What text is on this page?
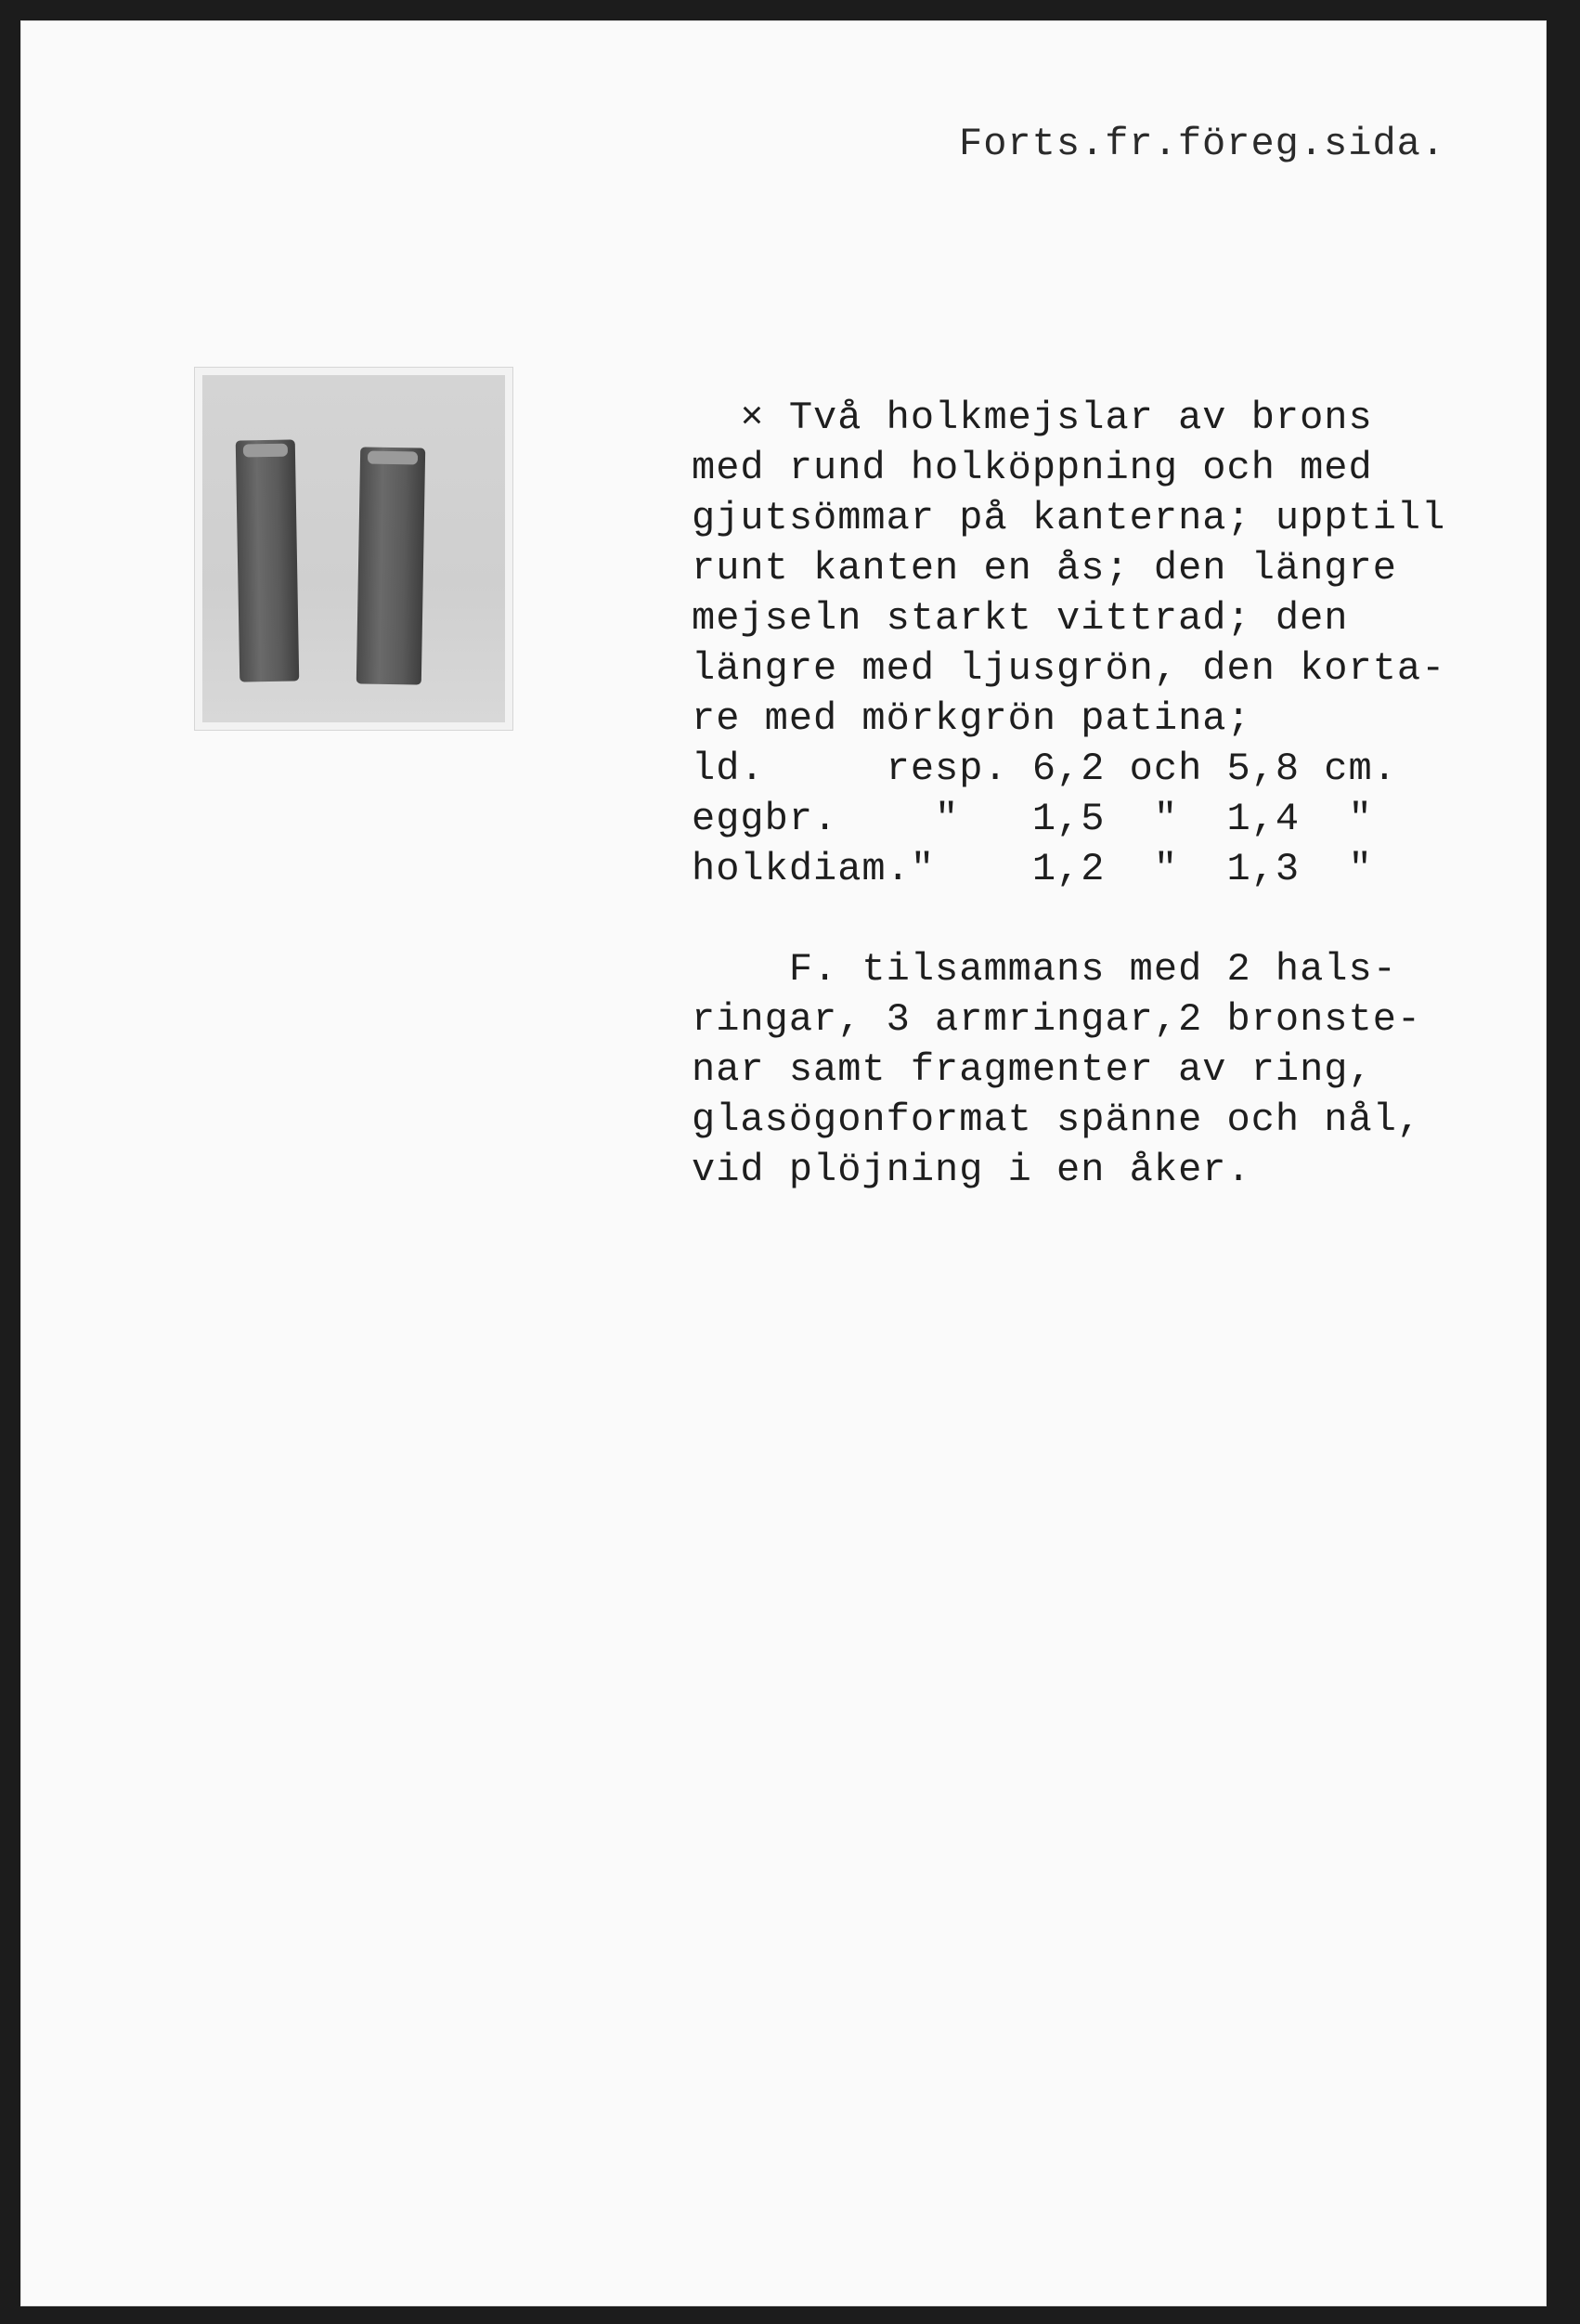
Forts.fr.föreg.sida.
× Två holkmejslar av brons
med rund holköppning och med
gjutsömmar på kanterna; upptill
runt kanten en ås; den längre
mejseln starkt vittrad; den
längre med ljusgrön, den korta-
re med mörkgrön patina;
ld.     resp. 6,2 och 5,8 cm.
eggbr.    "   1,5  "  1,4  "
holkdiam."    1,2  "  1,3  "
F. tilsammans med 2 hals-
ringar, 3 armringar,2 bronste-
nar samt fragmenter av ring,
glasögonformat spänne och nål,
vid plöjning i en åker.
